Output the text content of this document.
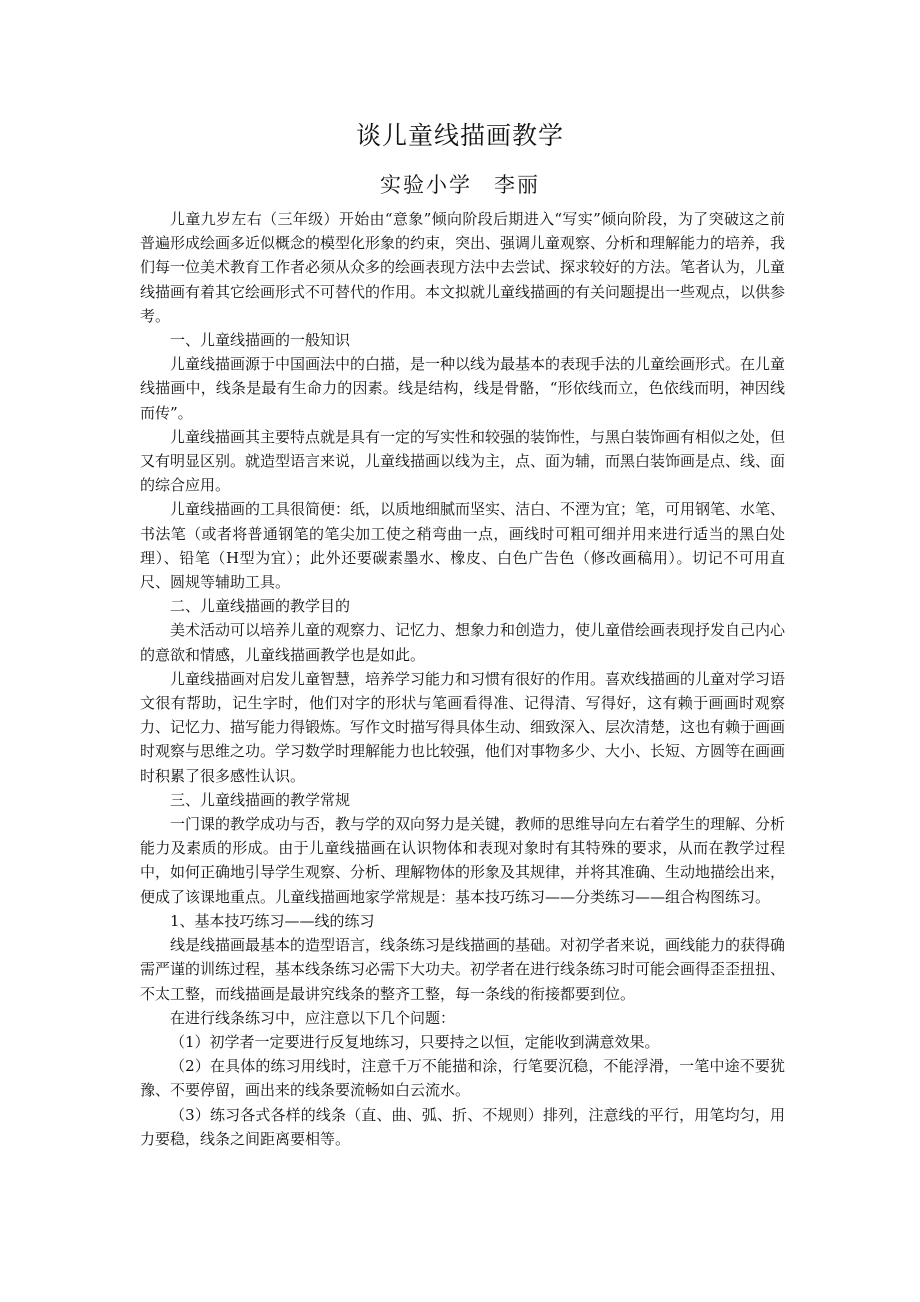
谈儿童线描画教学
实验小学 李丽

儿童九岁左右（三年级）开始由“意象”倾向阶段后期进入“写实”倾向阶段，为了突破这之前普遍形成绘画多近似概念的模型化形象的约束，突出、强调儿童观察、分析和理解能力的培养，我们每一位美术教育工作者必须从众多的绘画表现方法中去尝试、探求较好的方法。笔者认为，儿童线描画有着其它绘画形式不可替代的作用。本文拟就儿童线描画的有关问题提出一些观点，以供参考。

一、儿童线描画的一般知识

儿童线描画源于中国画法中的白描，是一种以线为最基本的表现手法的儿童绘画形式。在儿童线描画中，线条是最有生命力的因素。线是结构，线是骨骼，“形依线而立，色依线而明，神因线而传”。

儿童线描画其主要特点就是具有一定的写实性和较强的装饰性，与黑白装饰画有相似之处，但又有明显区别。就造型语言来说，儿童线描画以线为主，点、面为辅，而黑白装饰画是点、线、面的综合应用。

儿童线描画的工具很简便：纸，以质地细腻而坚实、洁白、不湮为宜；笔，可用钢笔、水笔、书法笔（或者将普通钢笔的笔尖加工使之稍弯曲一点，画线时可粗可细并用来进行适当的黑白处理）、铅笔（H型为宜）；此外还要碳素墨水、橡皮、白色广告色（修改画稿用）。切记不可用直尺、圆规等辅助工具。

二、儿童线描画的教学目的

美术活动可以培养儿童的观察力、记忆力、想象力和创造力，使儿童借绘画表现抒发自己内心的意欲和情感，儿童线描画教学也是如此。

儿童线描画对启发儿童智慧，培养学习能力和习惯有很好的作用。喜欢线描画的儿童对学习语文很有帮助，记生字时，他们对字的形状与笔画看得准、记得清、写得好，这有赖于画画时观察力、记忆力、描写能力得锻炼。写作文时描写得具体生动、细致深入、层次清楚，这也有赖于画画时观察与思维之功。学习数学时理解能力也比较强，他们对事物多少、大小、长短、方圆等在画画时积累了很多感性认识。

三、儿童线描画的教学常规

一门课的教学成功与否，教与学的双向努力是关键，教师的思维导向左右着学生的理解、分析能力及素质的形成。由于儿童线描画在认识物体和表现对象时有其特殊的要求，从而在教学过程中，如何正确地引导学生观察、分析、理解物体的形象及其规律，并将其准确、生动地描绘出来，便成了该课地重点。儿童线描画地家学常规是：基本技巧练习——分类练习——组合构图练习。

1、基本技巧练习——线的练习

线是线描画最基本的造型语言，线条练习是线描画的基础。对初学者来说，画线能力的获得确需严谨的训练过程，基本线条练习必需下大功夫。初学者在进行线条练习时可能会画得歪歪扭扭、不太工整，而线描画是最讲究线条的整齐工整，每一条线的衔接都要到位。

在进行线条练习中，应注意以下几个问题：

（1）初学者一定要进行反复地练习，只要持之以恒，定能收到满意效果。

（2）在具体的练习用线时，注意千万不能描和涂，行笔要沉稳，不能浮滑，一笔中途不要犹豫、不要停留，画出来的线条要流畅如白云流水。

（3）练习各式各样的线条（直、曲、弧、折、不规则）排列，注意线的平行，用笔均匀，用力要稳，线条之间距离要相等。
